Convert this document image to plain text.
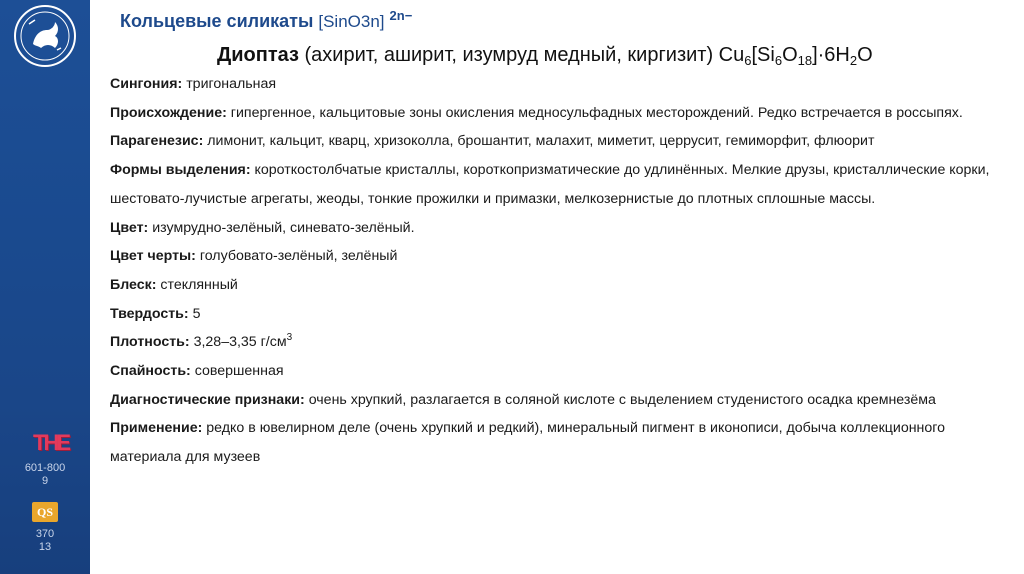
THE
601-800
9
QS
370
13
Кольцевые силикаты [SinO3n] $^{2n-}$
Диоптаз (ахирит, аширит, изумруд медный, киргизит) $Cu_6[Si_6O_{18}]\cdot 6H_2O$

Сингония: тригональная

Происхождение: гипергенное, кальцитовые зоны окисления медносульфадных месторождений. Редко встречается в россыпях.

Парагенезис: лимонит, кальцит, кварц, хризоколла, брошантит, малахит, миметит, церрусит, гемиморфит, флюорит

Формы выделения: короткостолбчатые кристаллы, короткопризматические до удлинённых. Мелкие друзы, кристаллические корки, шестовато-лучистые агрегаты, жеоды, тонкие прожилки и примазки, мелкозернистые до плотных сплошные массы.

Цвет: изумрудно-зелёный, синевато-зелёный.

Цвет черты: голубовато-зелёный, зелёный

Блеск: стеклянный

Твердость: 5

Плотность: 3,28–3,35 $г/см^3$

Спайность: совершенная

Диагностические признаки: очень хрупкий, разлагается в соляной кислоте с выделением студенистого осадка кремнезёма

Применение: редко в ювелирном деле (очень хрупкий и редкий), минеральный пигмент в иконописи, добыча коллекционного материала для музеев
